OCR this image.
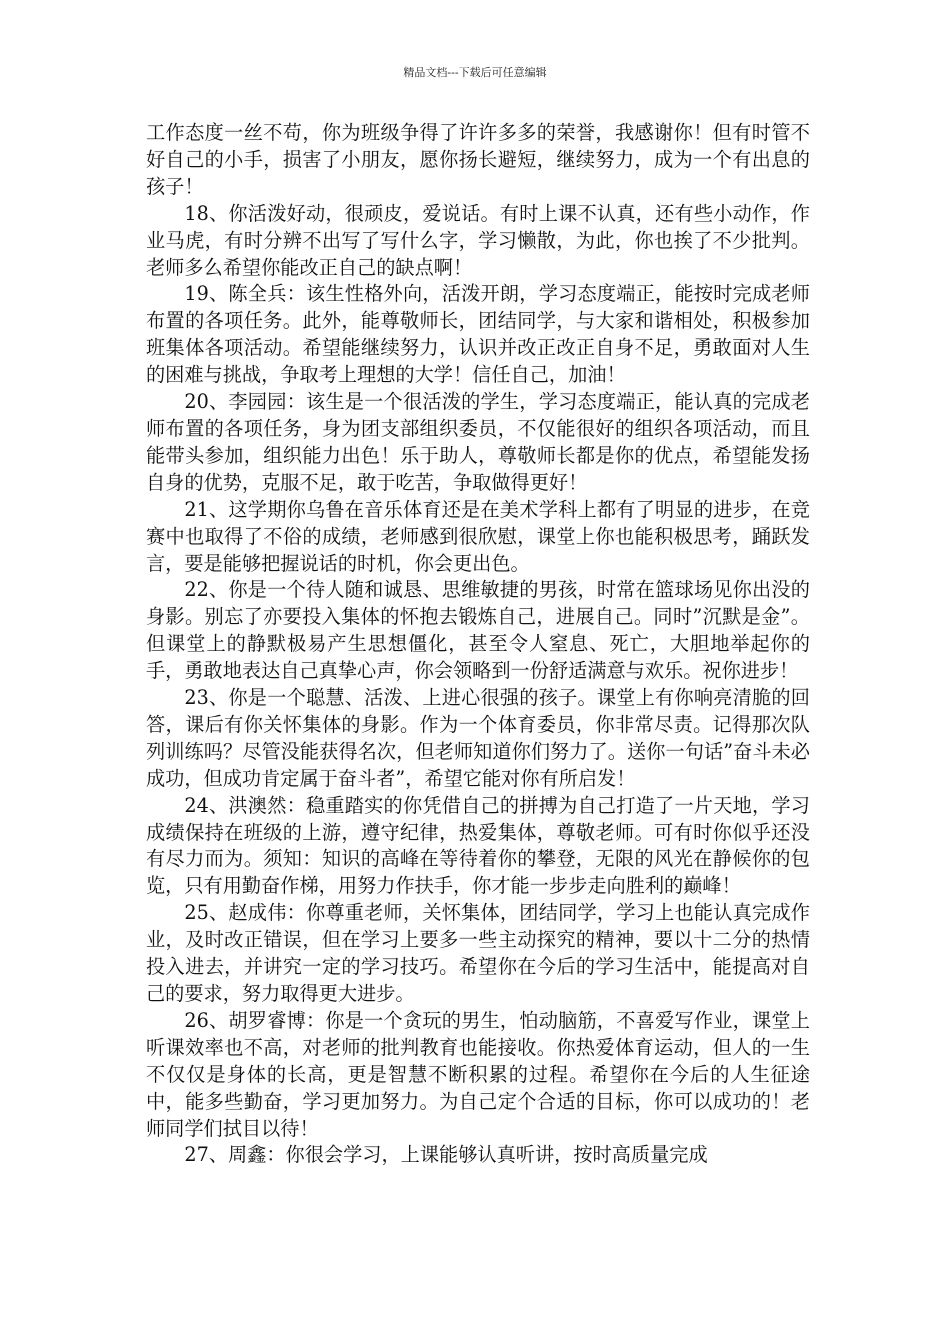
精品文档---下载后可任意编辑

工作态度一丝不苟，你为班级争得了许许多多的荣誉，我感谢你！但有时管不好自己的小手，损害了小朋友，愿你扬长避短，继续努力，成为一个有出息的孩子！

18、你活泼好动，很顽皮，爱说话。有时上课不认真，还有些小动作，作业马虎，有时分辨不出写了写什么字，学习懒散，为此，你也挨了不少批判。老师多么希望你能改正自己的缺点啊！

19、陈全兵：该生性格外向，活泼开朗，学习态度端正，能按时完成老师布置的各项任务。此外，能尊敬师长，团结同学，与大家和谐相处，积极参加班集体各项活动。希望能继续努力，认识并改正改正自身不足，勇敢面对人生的困难与挑战，争取考上理想的大学！信任自己，加油！

20、李园园：该生是一个很活泼的学生，学习态度端正，能认真的完成老师布置的各项任务，身为团支部组织委员，不仅能很好的组织各项活动，而且能带头参加，组织能力出色！乐于助人，尊敬师长都是你的优点，希望能发扬自身的优势，克服不足，敢于吃苦，争取做得更好！

21、这学期你乌鲁在音乐体育还是在美术学科上都有了明显的进步，在竞赛中也取得了不俗的成绩，老师感到很欣慰，课堂上你也能积极思考，踊跃发言，要是能够把握说话的时机，你会更出色。

22、你是一个待人随和诚恳、思维敏捷的男孩，时常在篮球场见你出没的身影。别忘了亦要投入集体的怀抱去锻炼自己，进展自己。同时”沉默是金”。但课堂上的静默极易产生思想僵化，甚至令人窒息、死亡，大胆地举起你的手，勇敢地表达自己真挚心声，你会领略到一份舒适满意与欢乐。祝你进步！

23、你是一个聪慧、活泼、上进心很强的孩子。课堂上有你响亮清脆的回答，课后有你关怀集体的身影。作为一个体育委员，你非常尽责。记得那次队列训练吗？尽管没能获得名次，但老师知道你们努力了。送你一句话”奋斗未必成功，但成功肯定属于奋斗者”，希望它能对你有所启发！

24、洪澳然：稳重踏实的你凭借自己的拼搏为自己打造了一片天地，学习成绩保持在班级的上游，遵守纪律，热爱集体，尊敬老师。可有时你似乎还没有尽力而为。须知：知识的高峰在等待着你的攀登，无限的风光在静候你的包览，只有用勤奋作梯，用努力作扶手，你才能一步步走向胜利的巅峰！

25、赵成伟：你尊重老师，关怀集体，团结同学，学习上也能认真完成作业，及时改正错误，但在学习上要多一些主动探究的精神，要以十二分的热情投入进去，并讲究一定的学习技巧。希望你在今后的学习生活中，能提高对自己的要求，努力取得更大进步。

26、胡罗睿博：你是一个贪玩的男生，怕动脑筋，不喜爱写作业，课堂上听课效率也不高，对老师的批判教育也能接收。你热爱体育运动，但人的一生不仅仅是身体的长高，更是智慧不断积累的过程。希望你在今后的人生征途中，能多些勤奋，学习更加努力。为自己定个合适的目标，你可以成功的！老师同学们拭目以待！

27、周鑫：你很会学习，上课能够认真听讲，按时高质量完成
